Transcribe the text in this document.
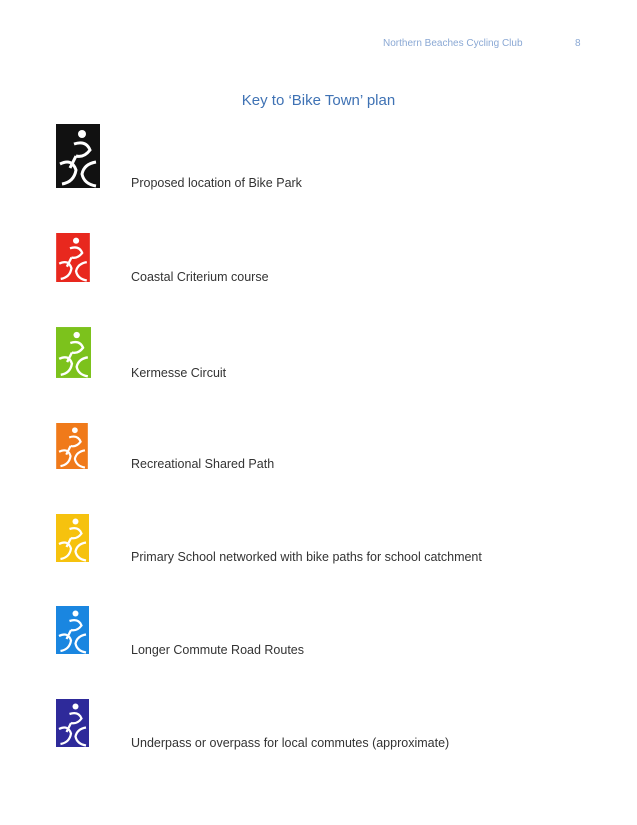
Northern Beaches Cycling Club	8
Key to ‘Bike Town’ plan
Proposed location of Bike Park
Coastal Criterium course
Kermesse Circuit
Recreational Shared Path
Primary School networked with bike paths for school catchment
Longer Commute Road Routes
Underpass or overpass for local commutes (approximate)
